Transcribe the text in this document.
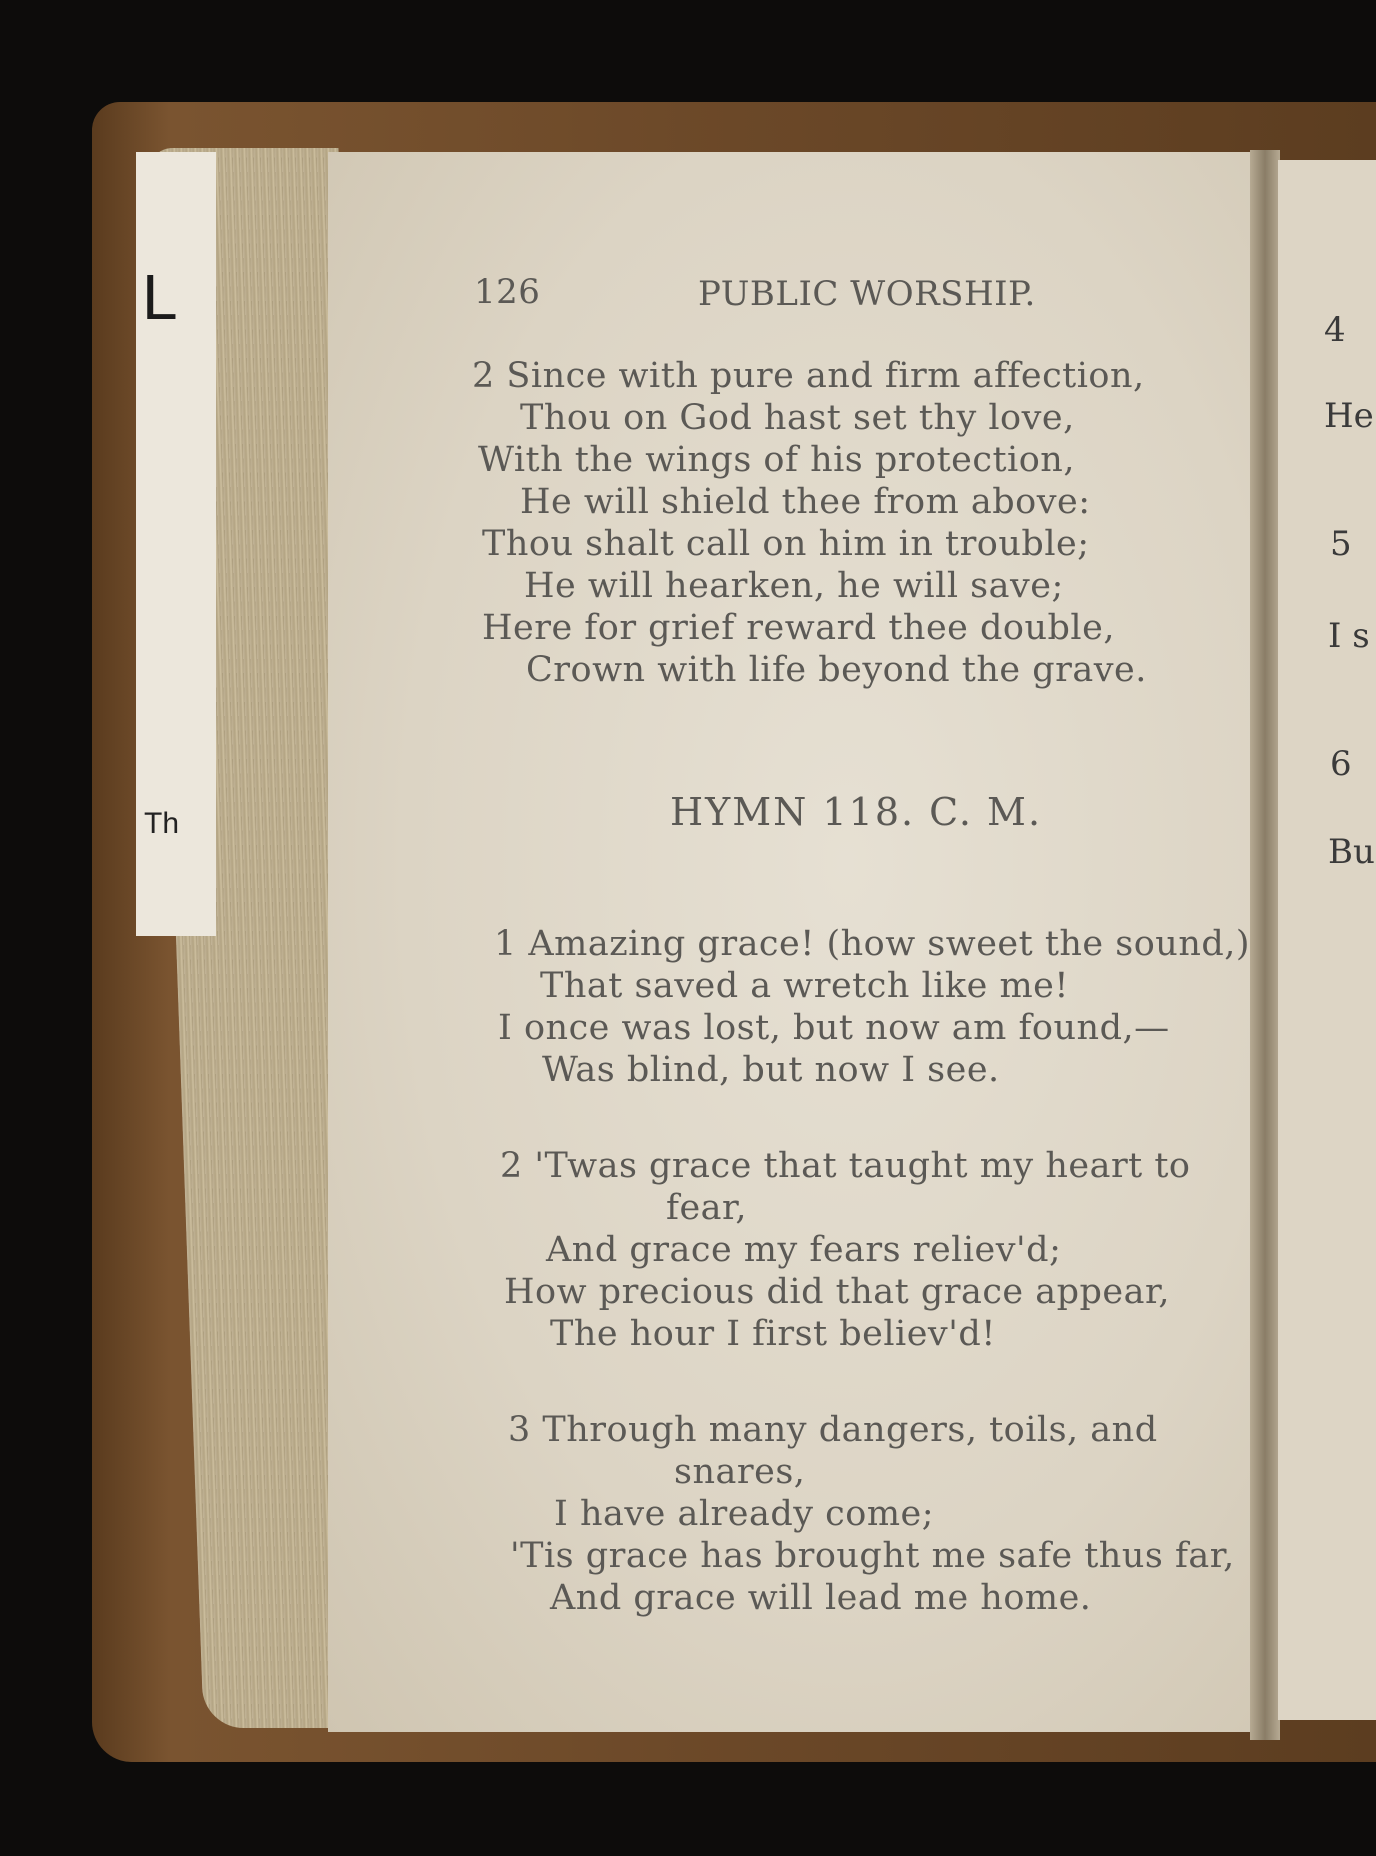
L
Th
4
He
5
I s
6
Bu
126	PUBLIC WORSHIP.
2 Since with pure and firm affection,
Thou on God hast set thy love,
With the wings of his protection,
He will shield thee from above:
Thou shalt call on him in trouble;
He will hearken, he will save;
Here for grief reward thee double,
Crown with life beyond the grave.
HYMN 118. C. M.
1 Amazing grace! (how sweet the sound,)
That saved a wretch like me!
I once was lost, but now am found,—
Was blind, but now I see.
2 'Twas grace that taught my heart to
fear,
And grace my fears reliev'd;
How precious did that grace appear,
The hour I first believ'd!
3 Through many dangers, toils, and
snares,
I have already come;
'Tis grace has brought me safe thus far,
And grace will lead me home.
